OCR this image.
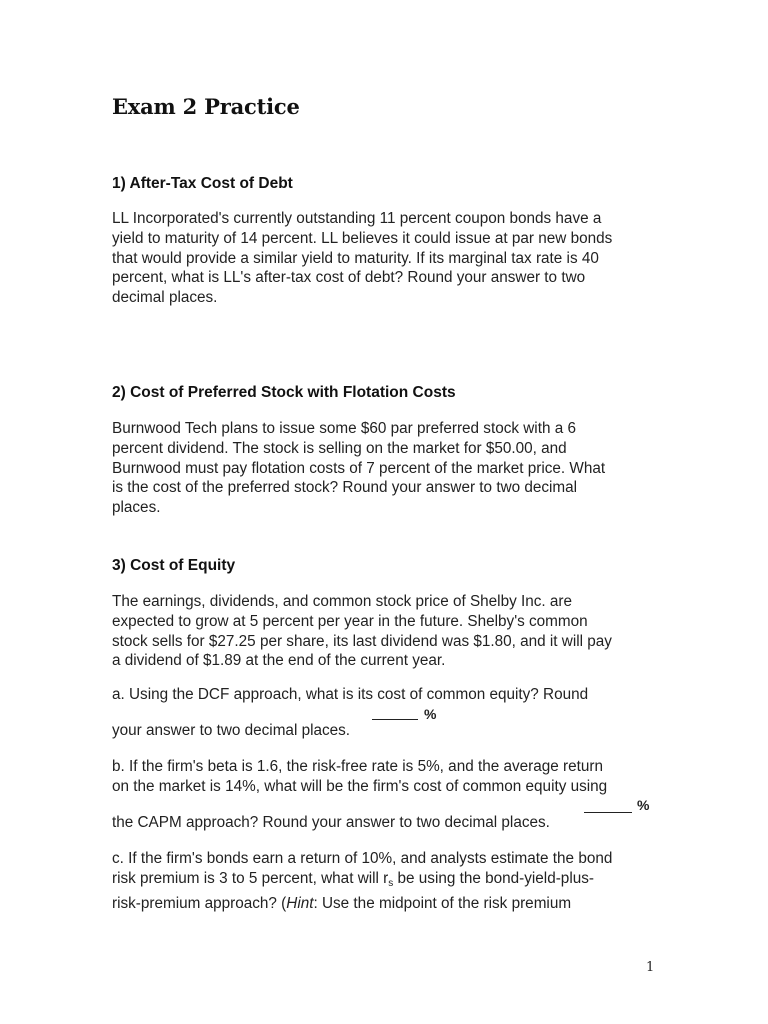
Exam 2 Practice
1) After-Tax Cost of Debt
LL Incorporated's currently outstanding 11 percent coupon bonds have a
yield to maturity of 14 percent. LL believes it could issue at par new bonds
that would provide a similar yield to maturity. If its marginal tax rate is 40
percent, what is LL's after-tax cost of debt? Round your answer to two
decimal places.
2) Cost of Preferred Stock with Flotation Costs
Burnwood Tech plans to issue some $60 par preferred stock with a 6
percent dividend. The stock is selling on the market for $50.00, and
Burnwood must pay flotation costs of 7 percent of the market price. What
is the cost of the preferred stock? Round your answer to two decimal
places.
3) Cost of Equity
The earnings, dividends, and common stock price of Shelby Inc. are
expected to grow at 5 percent per year in the future. Shelby's common
stock sells for $27.25 per share, its last dividend was $1.80, and it will pay
a dividend of $1.89 at the end of the current year.
a. Using the DCF approach, what is its cost of common equity? Round
your answer to two decimal places.
%
b. If the firm's beta is 1.6, the risk-free rate is 5%, and the average return
on the market is 14%, what will be the firm's cost of common equity using
the CAPM approach? Round your answer to two decimal places.
%
c. If the firm's bonds earn a return of 10%, and analysts estimate the bond
risk premium is 3 to 5 percent, what will $r_s$ be using the bond-yield-plus-
risk-premium approach? (Hint: Use the midpoint of the risk premium
1
